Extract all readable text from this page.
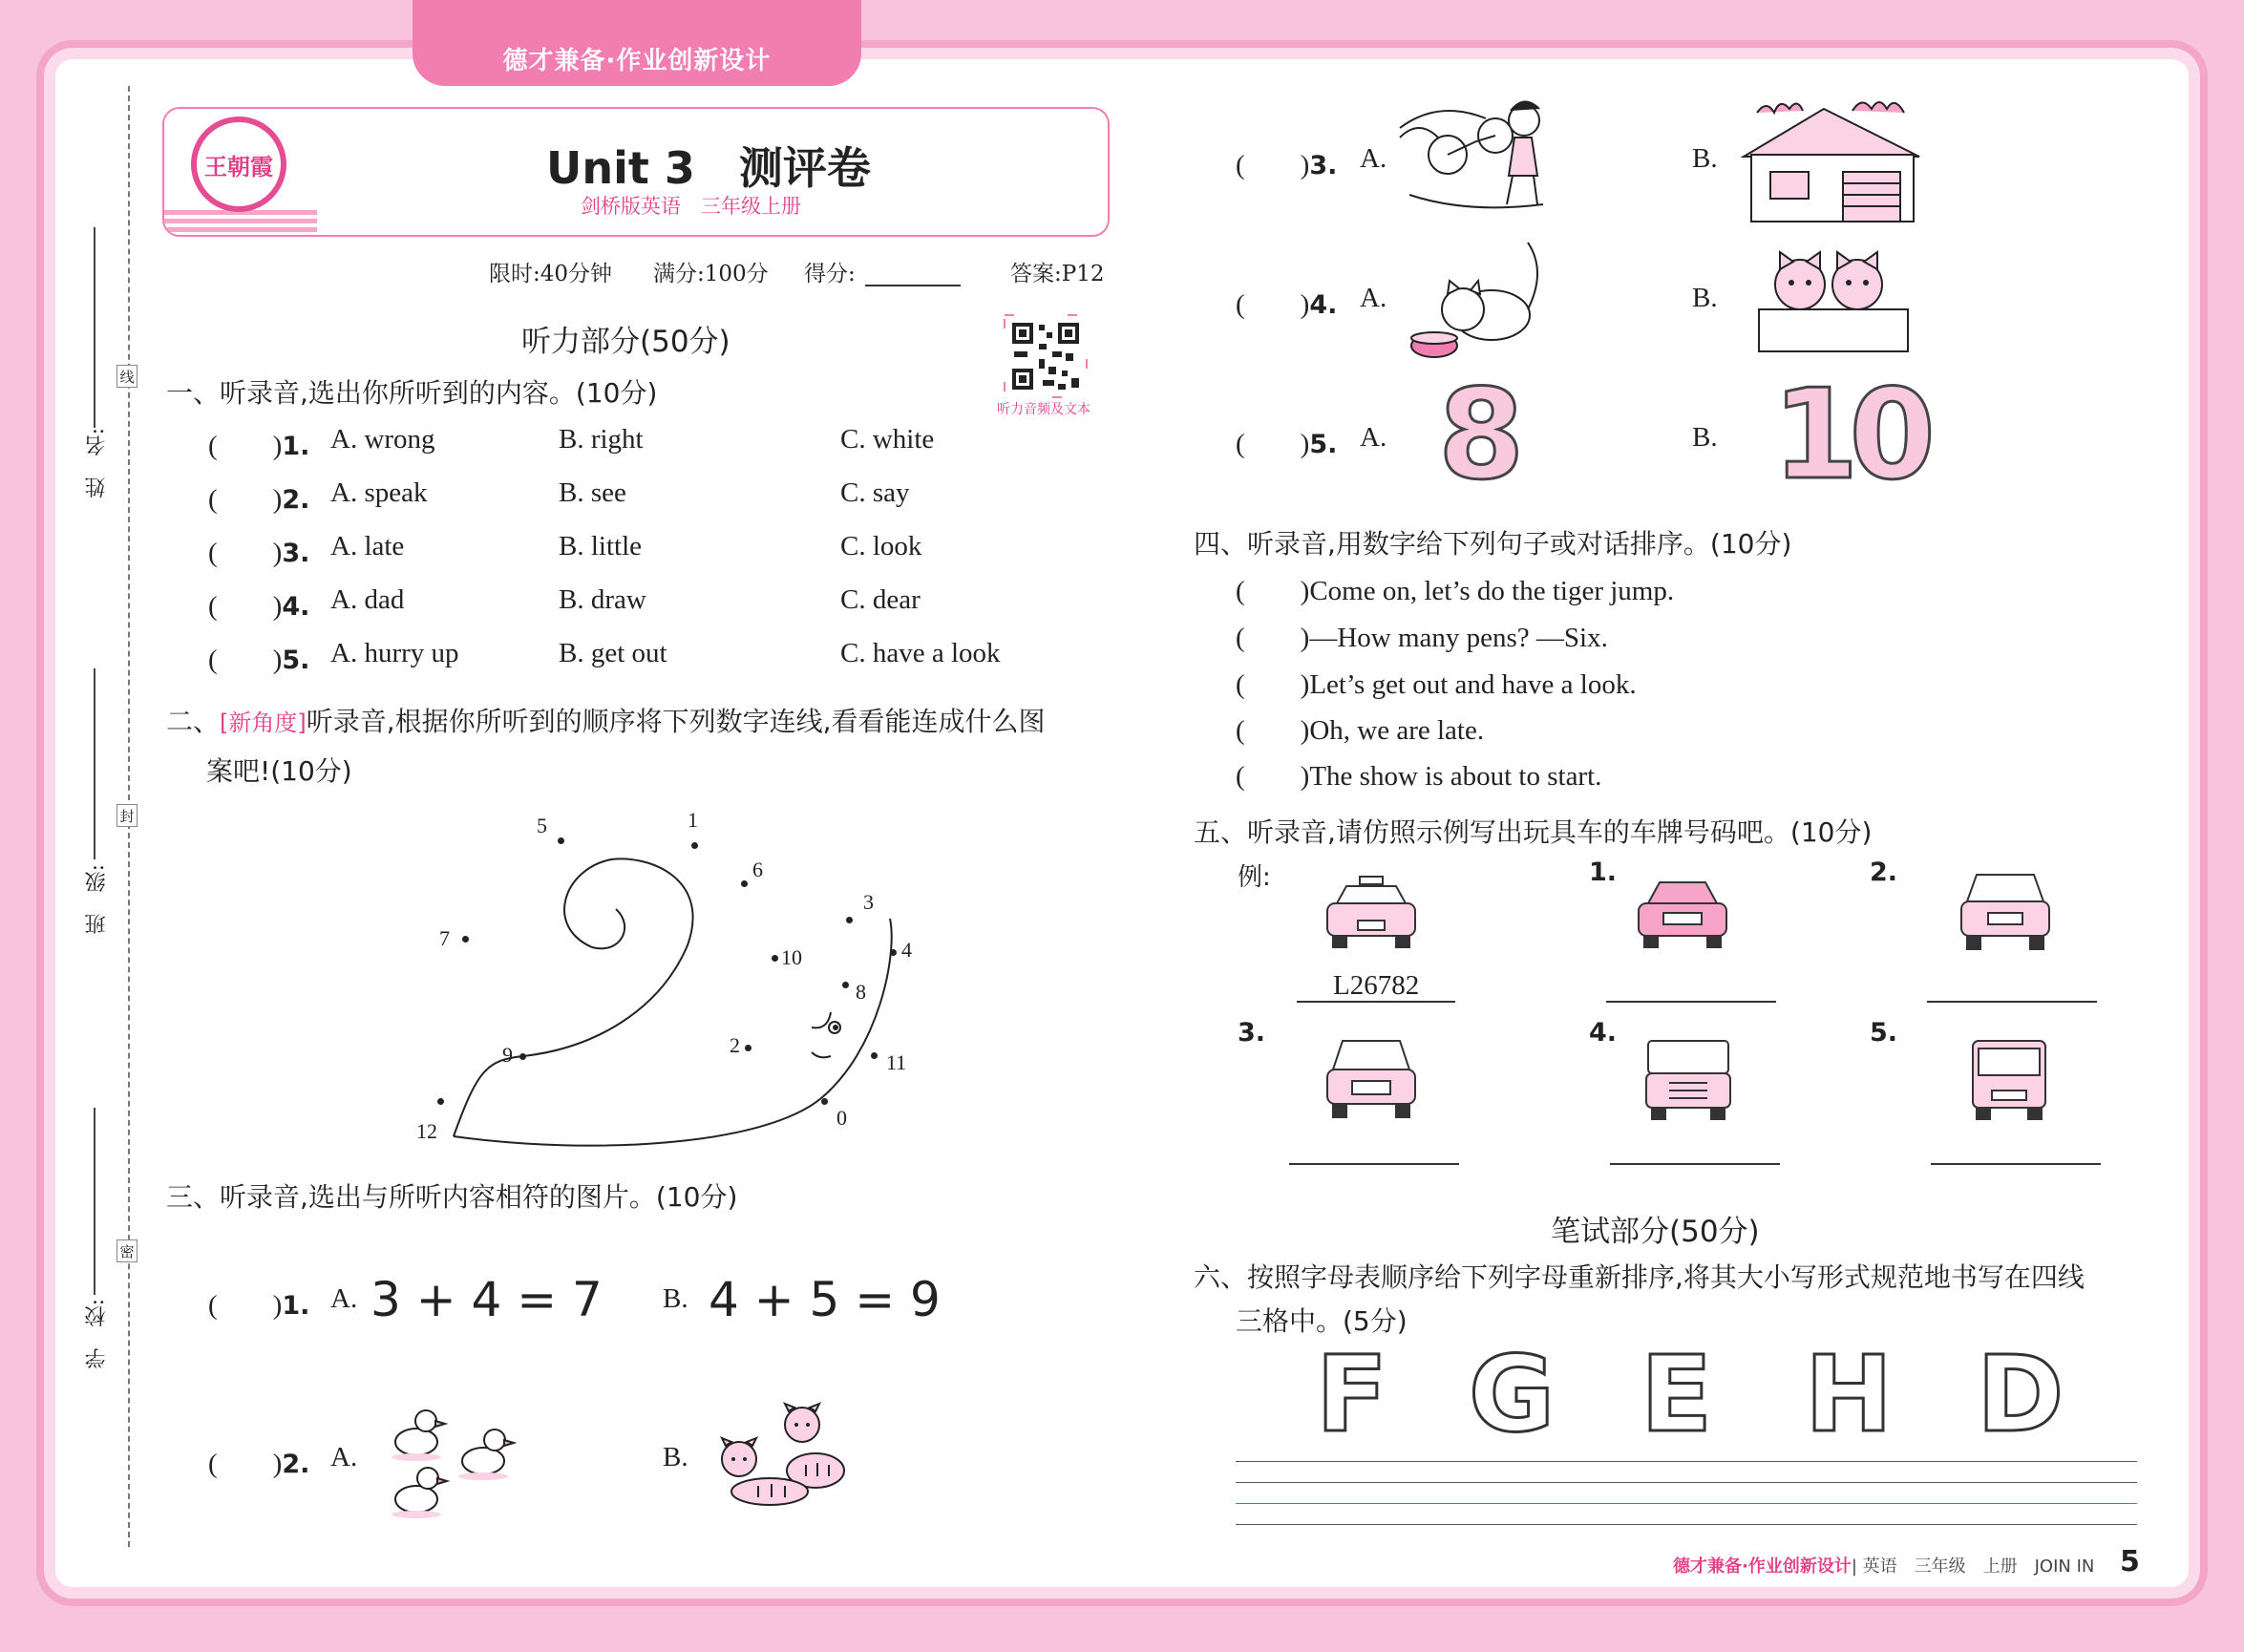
德才兼备·作业创新设计
线
封
密
姓　名:
班　级:
学　校:
王朝霞	Unit 3　测评卷
剑桥版英语　三年级上册
限时:40分钟 满分:100分 得分:	答案:P12
听力部分(50分)
听力音频及文本
一、听录音,选出你所听到的内容。(10分)
(　　)1. A. wrong	B. right	C. white
(　　)2. A. speak	B. see	C. say
(　　)3. A. late	B. little	C. look
(　　)4. A. dad	B. draw	C. dear
(　　)5. A. hurry up	B. get out	C. have a look
二、[新角度]听录音,根据你所听到的顺序将下列数字连线,看看能连成什么图
案吧!(10分)
12
9
0
11
2
8
4
10
3
6
1
5
7
三、听录音,选出与所听内容相符的图片。(10分)
(　　)1. A. 3 + 4 = 7 B. 4 + 5 = 9
(　　)2. A.	B.
(　　)3. A.	B.
(　　)4. A.	B.
(　　)5. A. 8	B. 10
四、听录音,用数字给下列句子或对话排序。(10分)
(　　)Come on, let’s do the tiger jump.
(　　)—How many pens? —Six.
(　　)Let’s get out and have a look.
(　　)Oh, we are late.
(　　)The show is about to start.
五、听录音,请仿照示例写出玩具车的车牌号码吧。(10分)
例:
L26782
1.	2.
3.	4.	5.
笔试部分(50分)
六、按照字母表顺序给下列字母重新排序,将其大小写形式规范地书写在四线
三格中。(5分)
F G E H D
德才兼备·作业创新设计| 英语　三年级　上册　JOIN IN 5
